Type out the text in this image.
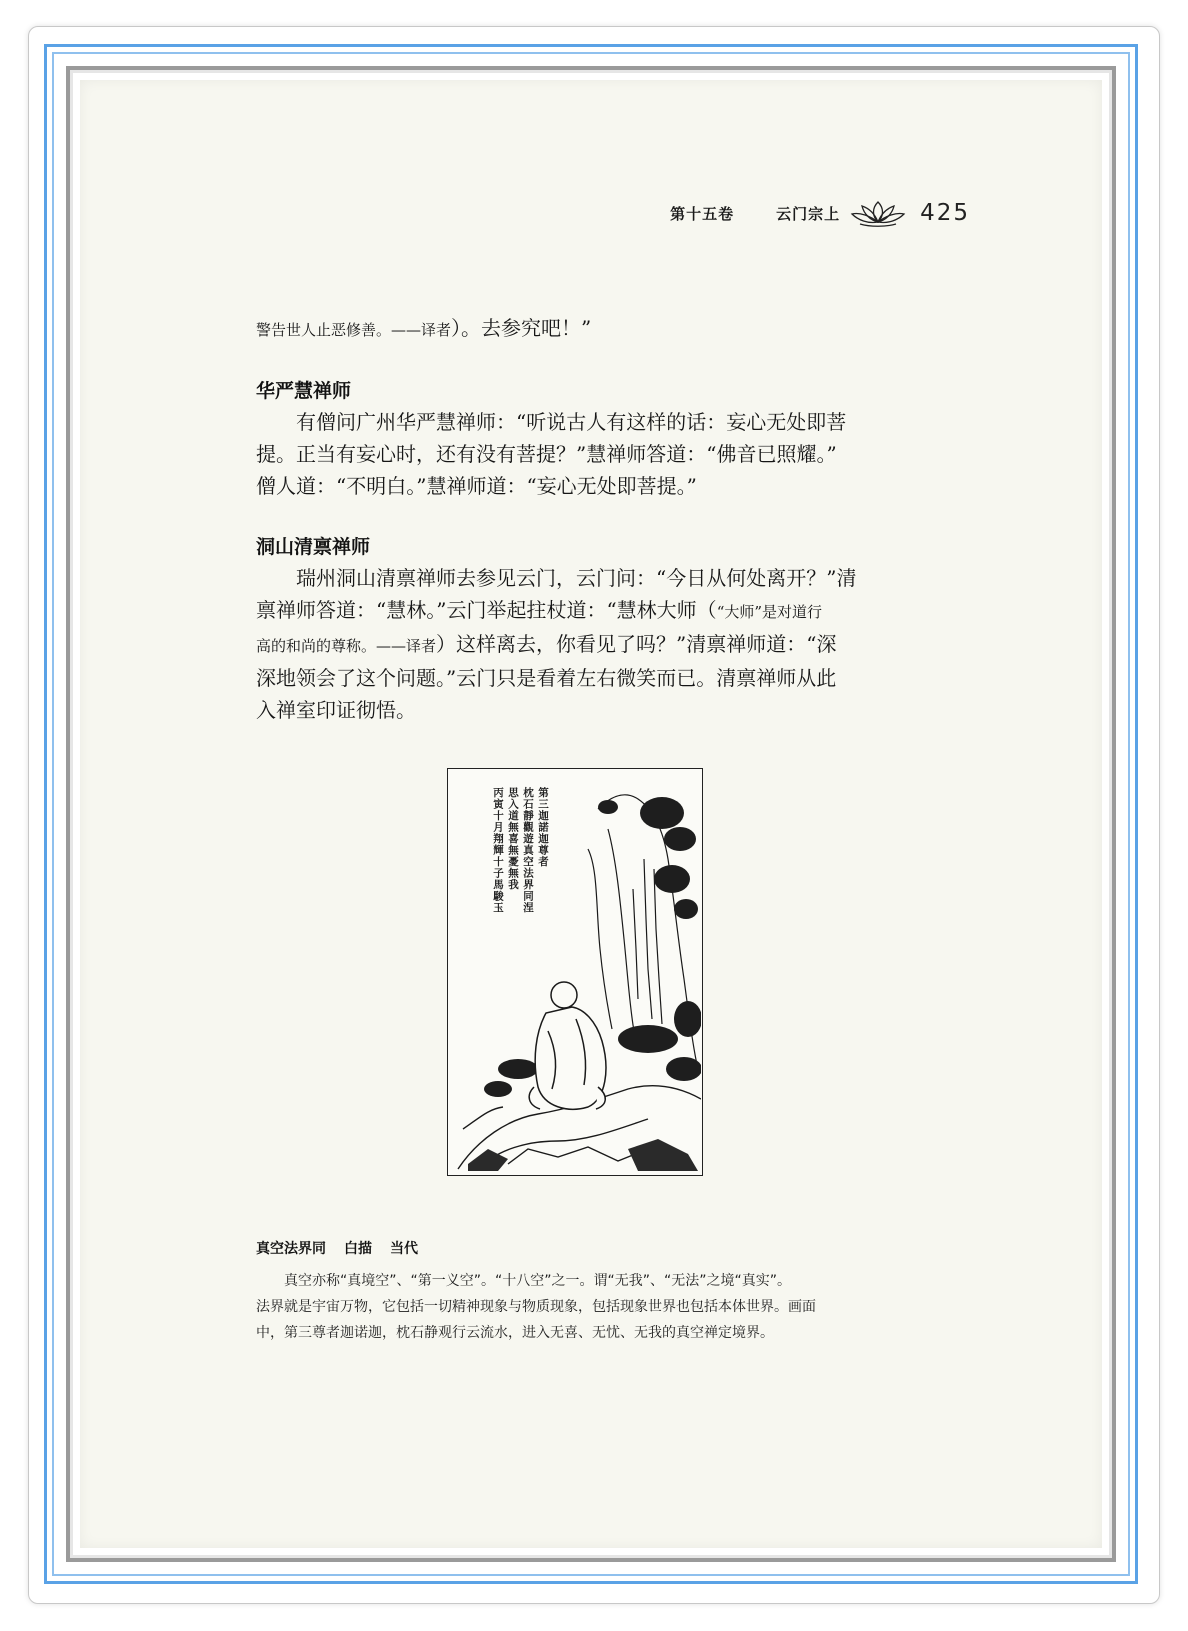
第十五卷	云门宗上	425
警告世人止恶修善。——译者）。去参究吧！”
华严慧禅师
有僧问广州华严慧禅师：“听说古人有这样的话：妄心无处即菩
提。正当有妄心时，还有没有菩提？”慧禅师答道：“佛音已照耀。”
僧人道：“不明白。”慧禅师道：“妄心无处即菩提。”
洞山清禀禅师
瑞州洞山清禀禅师去参见云门，云门问：“今日从何处离开？”清
禀禅师答道：“慧林。”云门举起拄杖道：“慧林大师（“大师”是对道行
高的和尚的尊称。——译者）这样离去，你看见了吗？”清禀禅师道：“深
深地领会了这个问题。”云门只是看着左右微笑而已。清禀禅师从此
入禅室印证彻悟。
第三迦諾迦尊者
枕石靜觀遊真空法界同涅
思入道無喜無憂無我
丙寅十月翔輝十子馬駿玉
真空法界同 白描 当代
真空亦称“真境空”、“第一义空”。“十八空”之一。谓“无我”、“无法”之境“真实”。
法界就是宇宙万物，它包括一切精神现象与物质现象，包括现象世界也包括本体世界。画面
中，第三尊者迦诺迦，枕石静观行云流水，进入无喜、无忧、无我的真空禅定境界。
